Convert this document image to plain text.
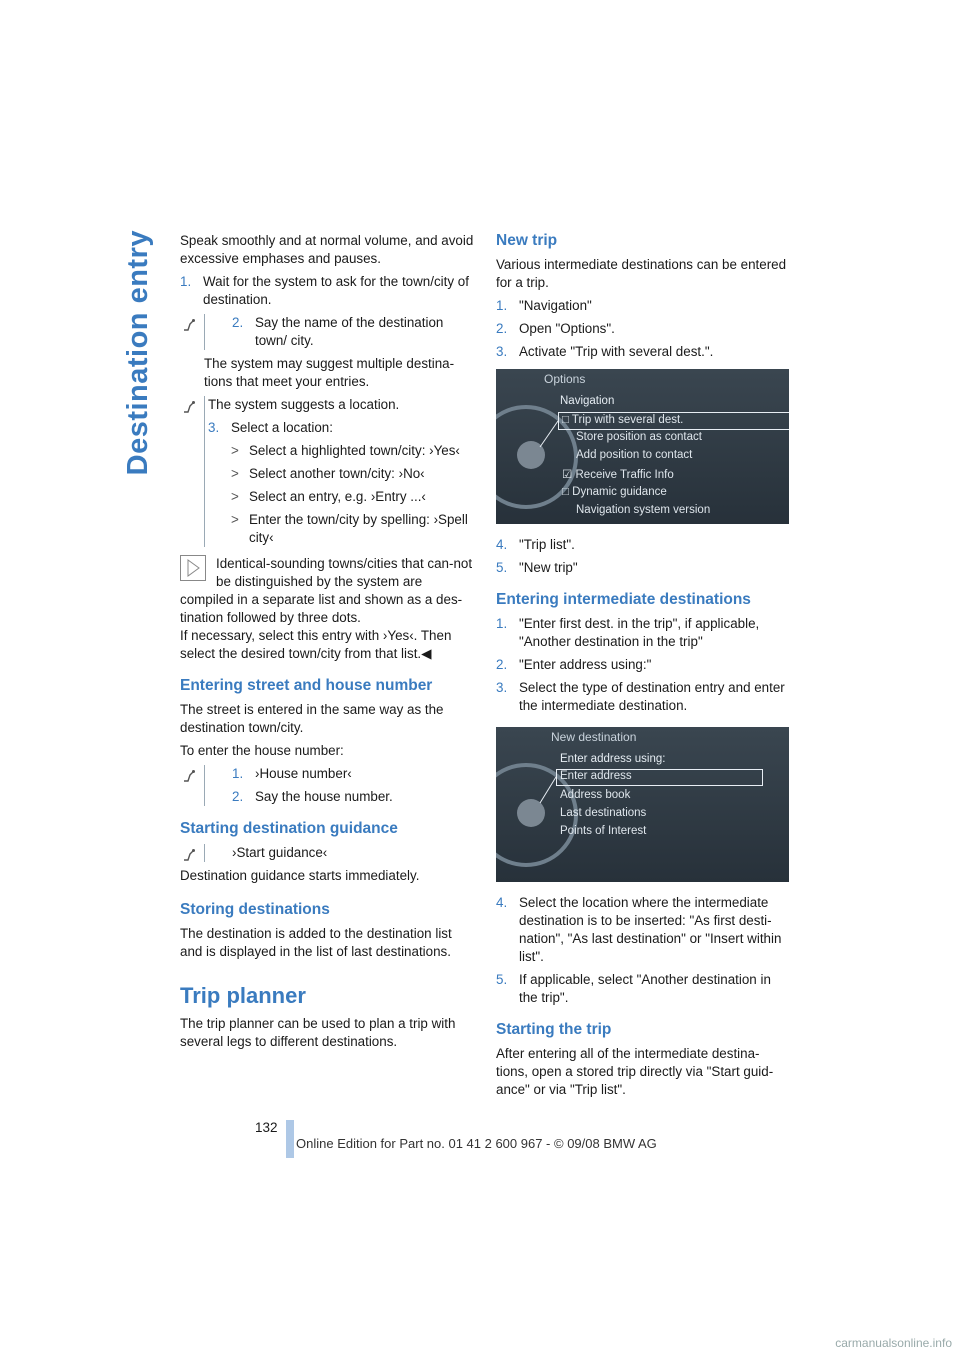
Destination entry Speak smoothly and at normal volume, and avoid excessive emphases and pauses.

1. Wait for the system to ask for the town/city of destination.
2. Say the name of the destination town/ city.

The system may suggest multiple destina-tions that meet your entries.

The system suggests a location.

3. Select a location:
> Select a highlighted town/city: ›Yes‹
> Select another town/city: ›No‹
> Select an entry, e.g. ›Entry ...‹
> Enter the town/city by spelling: ›Spell city‹

Identical-sounding towns/cities that can-not be distinguished by the system are

compiled in a separate list and shown as a des-tination followed by three dots.

If necessary, select this entry with ›Yes‹. Then select the desired town/city from that list.◀

Entering street and house number

The street is entered in the same way as the destination town/city.

To enter the house number:

1. ›House number‹
2. Say the house number.
Starting destination guidance

›Start guidance‹

Destination guidance starts immediately.

Storing destinations

The destination is added to the destination list and is displayed in the list of last destinations.

Trip planner

The trip planner can be used to plan a trip with several legs to different destinations.

New trip

Various intermediate destinations can be entered for a trip.

1. "Navigation"
2. Open "Options".
3. Activate "Trip with several dest.".
Options
Navigation
□ Trip with several dest.
Store position as contact
Add position to contact
☑ Receive Traffic Info
□ Dynamic guidance
Navigation system version
4. "Trip list".
5. "New trip"
Entering intermediate destinations
1. "Enter first dest. in the trip", if applicable, "Another destination in the trip"
2. "Enter address using:"
3. Select the type of destination entry and enter the intermediate destination.
New destination
Enter address using:
Enter address
Address book
Last destinations
Points of Interest
4. Select the location where the intermediate destination is to be inserted: "As first desti-nation", "As last destination" or "Insert within list".
5. If applicable, select "Another destination in the trip".
Starting the trip

After entering all of the intermediate destina-tions, open a stored trip directly via "Start guid-ance" or via "Trip list".

132
Online Edition for Part no. 01 41 2 600 967 - © 09/08 BMW AG
carmanualsonline.info
